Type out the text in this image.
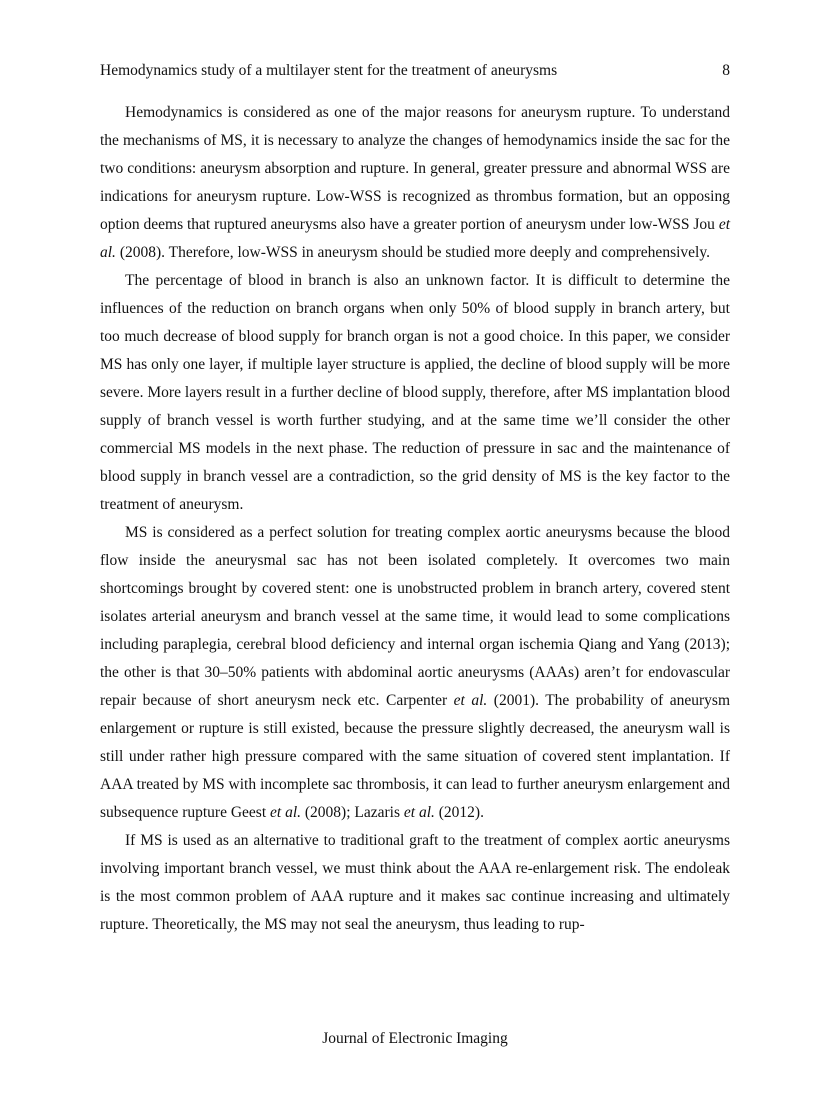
Hemodynamics study of a multilayer stent for the treatment of aneurysms	8

Hemodynamics is considered as one of the major reasons for aneurysm rupture. To understand the mechanisms of MS, it is necessary to analyze the changes of hemodynamics inside the sac for the two conditions: aneurysm absorption and rupture. In general, greater pressure and abnormal WSS are indications for aneurysm rupture. Low-WSS is recognized as thrombus formation, but an opposing option deems that ruptured aneurysms also have a greater portion of aneurysm under low-WSS Jou et al. (2008). Therefore, low-WSS in aneurysm should be studied more deeply and comprehensively.

The percentage of blood in branch is also an unknown factor. It is difficult to determine the influences of the reduction on branch organs when only 50% of blood supply in branch artery, but too much decrease of blood supply for branch organ is not a good choice. In this paper, we consider MS has only one layer, if multiple layer structure is applied, the decline of blood supply will be more severe. More layers result in a further decline of blood supply, therefore, after MS implantation blood supply of branch vessel is worth further studying, and at the same time we’ll consider the other commercial MS models in the next phase. The reduction of pressure in sac and the maintenance of blood supply in branch vessel are a contradiction, so the grid density of MS is the key factor to the treatment of aneurysm.

MS is considered as a perfect solution for treating complex aortic aneurysms because the blood flow inside the aneurysmal sac has not been isolated completely. It overcomes two main shortcomings brought by covered stent: one is unobstructed problem in branch artery, covered stent isolates arterial aneurysm and branch vessel at the same time, it would lead to some complications including paraplegia, cerebral blood deficiency and internal organ ischemia Qiang and Yang (2013); the other is that 30–50% patients with abdominal aortic aneurysms (AAAs) aren’t for endovascular repair because of short aneurysm neck etc. Carpenter et al. (2001). The probability of aneurysm enlargement or rupture is still existed, because the pressure slightly decreased, the aneurysm wall is still under rather high pressure compared with the same situation of covered stent implantation. If AAA treated by MS with incomplete sac thrombosis, it can lead to further aneurysm enlargement and subsequence rupture Geest et al. (2008); Lazaris et al. (2012).

If MS is used as an alternative to traditional graft to the treatment of complex aortic aneurysms involving important branch vessel, we must think about the AAA re-enlargement risk. The endoleak is the most common problem of AAA rupture and it makes sac continue increasing and ultimately rupture. Theoretically, the MS may not seal the aneurysm, thus leading to rup-

Journal of Electronic Imaging
